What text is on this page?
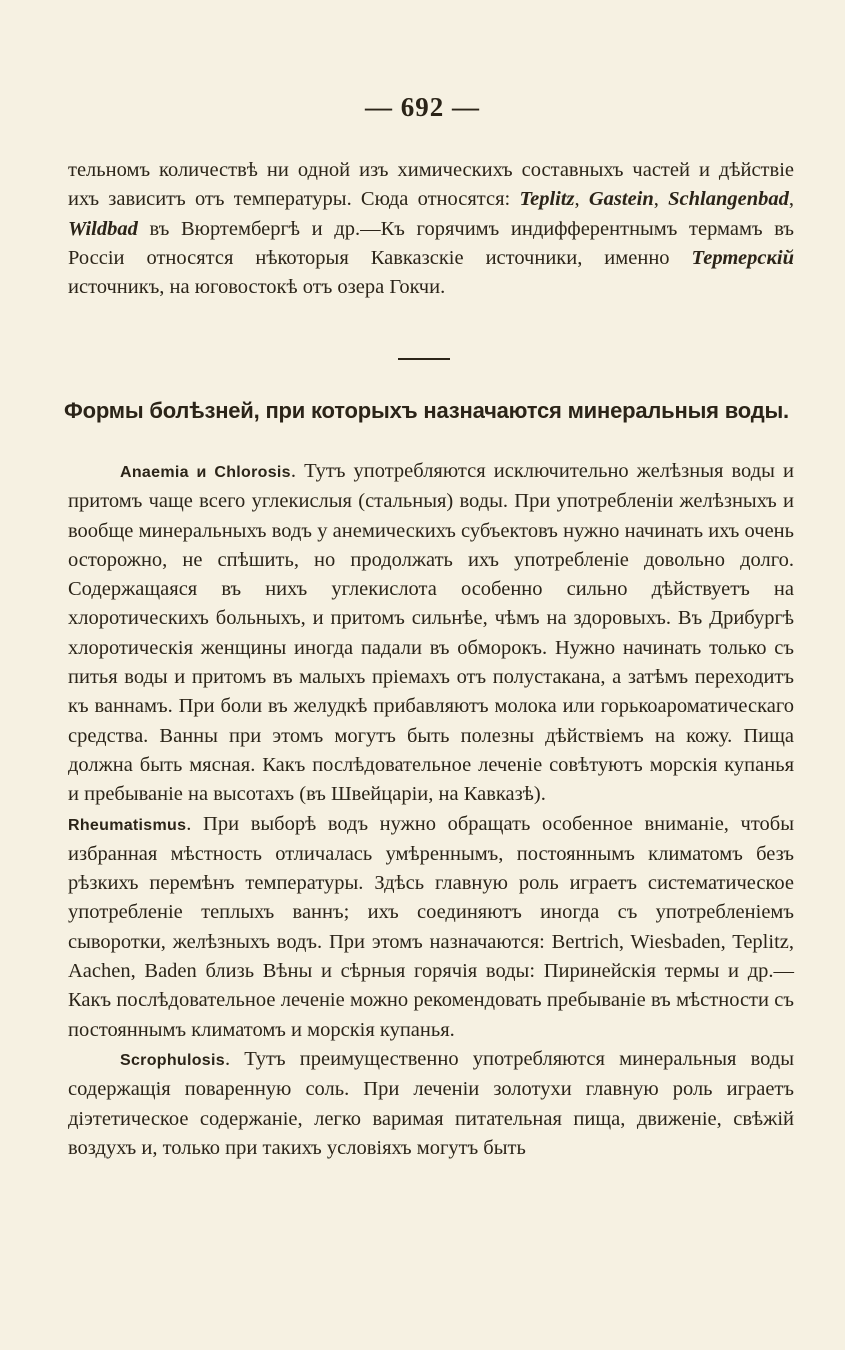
— 692 —
тельномъ количествѣ ни одной изъ химическихъ составныхъ частей и дѣйствіе ихъ зависитъ отъ температуры. Сюда относятся: Teplitz, Gastein, Schlangenbad, Wildbad въ Вюртембергѣ и др.—Къ горячимъ индифферентнымъ термамъ въ Россіи относятся нѣкоторыя Кавказскіе источники, именно Тертерскій источникъ, на юговостокѣ отъ озера Гокчи.
Формы болѣзней, при которыхъ назначаются минеральныя воды.

Anaemia и Chlorosis. Тутъ употребляются исключительно желѣзныя воды и притомъ чаще всего углекислыя (стальныя) воды. При употребленіи желѣзныхъ и вообще минеральныхъ водъ у анемическихъ субъектовъ нужно начинать ихъ очень осторожно, не спѣшить, но продолжать ихъ употребленіе довольно долго. Содержащаяся въ нихъ углекислота особенно сильно дѣйствуетъ на хлоротическихъ больныхъ, и притомъ сильнѣе, чѣмъ на здоровыхъ. Въ Дрибургѣ хлоротическія женщины иногда падали въ обморокъ. Нужно начинать только съ питья воды и притомъ въ малыхъ пріемахъ отъ полустакана, а затѣмъ переходитъ къ ваннамъ. При боли въ желудкѣ прибавляютъ молока или горькоароматическаго средства. Ванны при этомъ могутъ быть полезны дѣйствіемъ на кожу. Пища должна быть мясная. Какъ послѣдовательное леченіе совѣтуютъ морскія купанья и пребываніе на высотахъ (въ Швейцаріи, на Кавказѣ).

Rheumatismus. При выборѣ водъ нужно обращать особенное вниманіе, чтобы избранная мѣстность отличалась умѣреннымъ, постояннымъ климатомъ безъ рѣзкихъ перемѣнъ температуры. Здѣсь главную роль играетъ систематическое употребленіе теплыхъ ваннъ; ихъ соединяютъ иногда съ употребленіемъ сыворотки, желѣзныхъ водъ. При этомъ назначаются: Bertrich, Wiesbaden, Teplitz, Aachen, Baden близь Вѣны и сѣрныя горячія воды: Пиринейскія термы и др.—Какъ послѣдовательное леченіе можно рекомендовать пребываніе въ мѣстности съ постояннымъ климатомъ и морскія купанья.

Scrophulosis. Тутъ преимущественно употребляются минеральныя воды содержащія поваренную соль. При леченіи золотухи главную роль играетъ діэтетическое содержаніе, легко варимая питательная пища, движеніе, свѣжій воздухъ и, только при такихъ условіяхъ могутъ быть
